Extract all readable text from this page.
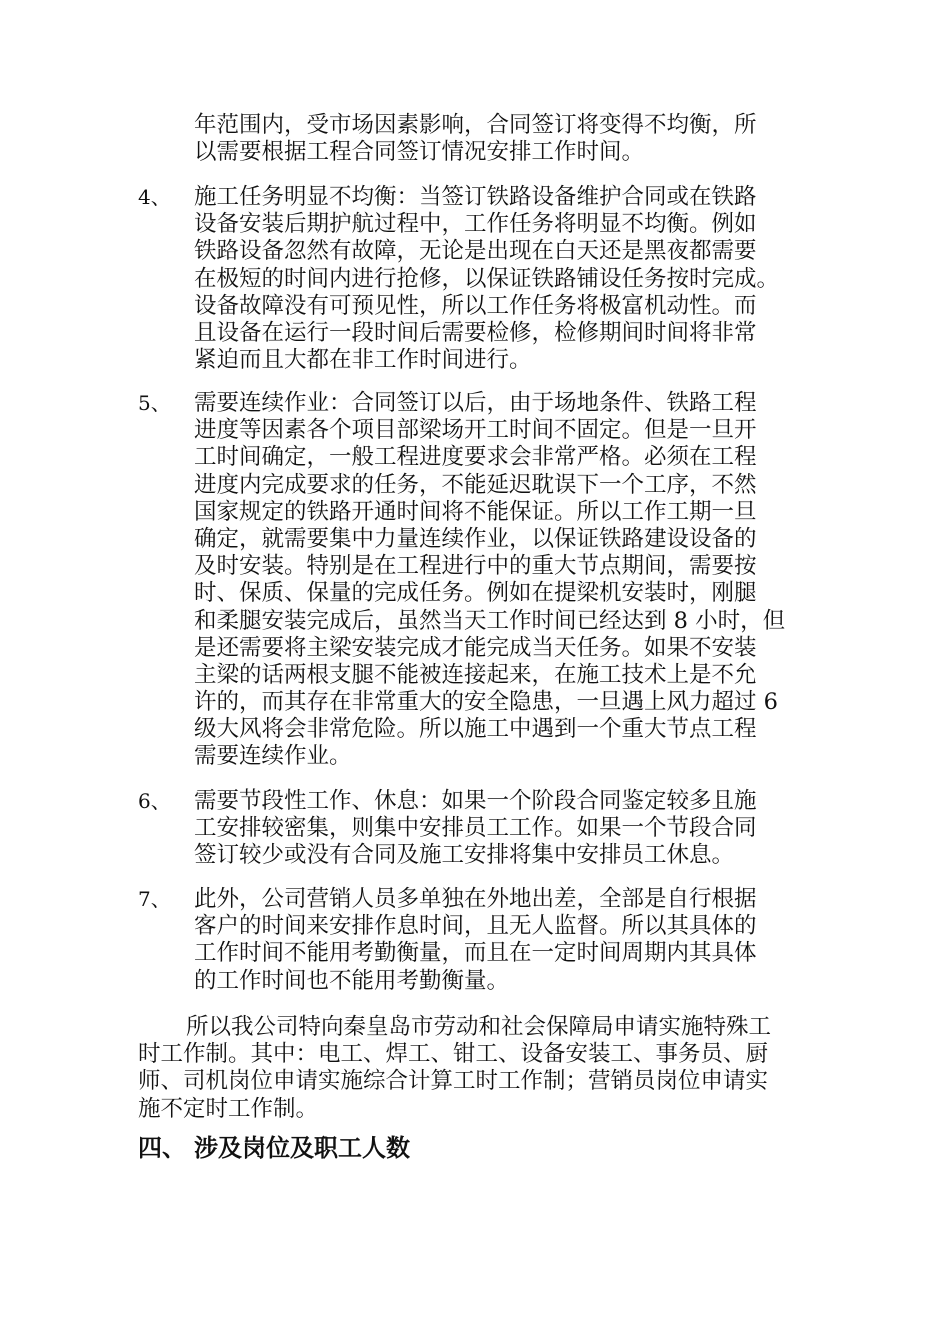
年范围内，受市场因素影响，合同签订将变得不均衡，所
以需要根据工程合同签订情况安排工作时间。
4、 施工任务明显不均衡：当签订铁路设备维护合同或在铁路
设备安装后期护航过程中，工作任务将明显不均衡。例如
铁路设备忽然有故障，无论是出现在白天还是黑夜都需要
在极短的时间内进行抢修，以保证铁路铺设任务按时完成。
设备故障没有可预见性，所以工作任务将极富机动性。而
且设备在运行一段时间后需要检修，检修期间时间将非常
紧迫而且大都在非工作时间进行。
5、 需要连续作业：合同签订以后，由于场地条件、铁路工程
进度等因素各个项目部梁场开工时间不固定。但是一旦开
工时间确定，一般工程进度要求会非常严格。必须在工程
进度内完成要求的任务，不能延迟耽误下一个工序，不然
国家规定的铁路开通时间将不能保证。所以工作工期一旦
确定，就需要集中力量连续作业，以保证铁路建设设备的
及时安装。特别是在工程进行中的重大节点期间，需要按
时、保质、保量的完成任务。例如在提梁机安装时，刚腿
和柔腿安装完成后，虽然当天工作时间已经达到 8 小时，但
是还需要将主梁安装完成才能完成当天任务。如果不安装
主梁的话两根支腿不能被连接起来，在施工技术上是不允
许的，而其存在非常重大的安全隐患，一旦遇上风力超过 6
级大风将会非常危险。所以施工中遇到一个重大节点工程
需要连续作业。
6、 需要节段性工作、休息：如果一个阶段合同鉴定较多且施
工安排较密集，则集中安排员工工作。如果一个节段合同
签订较少或没有合同及施工安排将集中安排员工休息。
7、 此外，公司营销人员多单独在外地出差，全部是自行根据
客户的时间来安排作息时间，且无人监督。所以其具体的
工作时间不能用考勤衡量，而且在一定时间周期内其具体
的工作时间也不能用考勤衡量。
所以我公司特向秦皇岛市劳动和社会保障局申请实施特殊工
时工作制。其中：电工、焊工、钳工、设备安装工、事务员、厨
师、司机岗位申请实施综合计算工时工作制；营销员岗位申请实
施不定时工作制。
四、 涉及岗位及职工人数
